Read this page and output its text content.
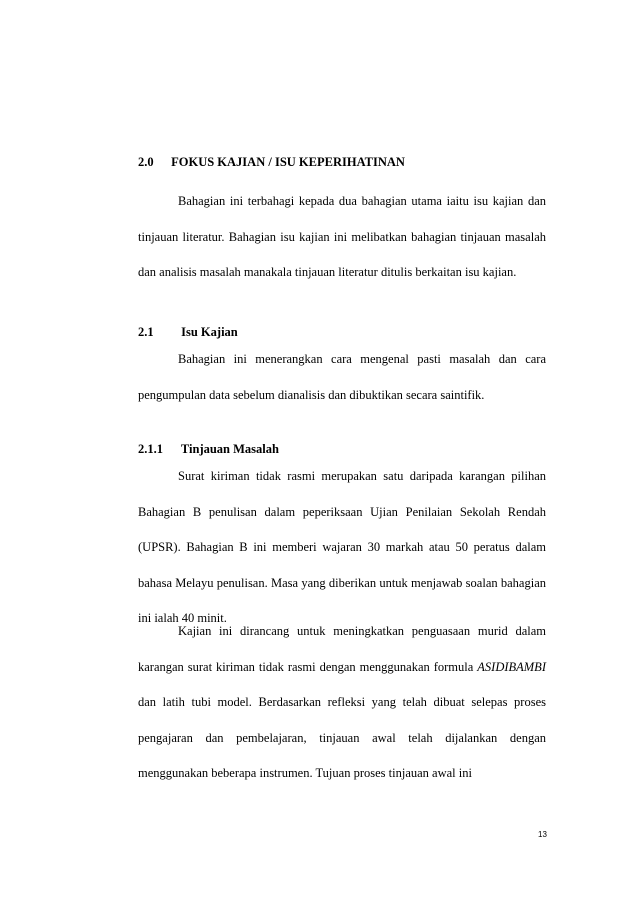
2.0 FOKUS KAJIAN / ISU KEPERIHATINAN

Bahagian ini terbahagi kepada dua bahagian utama iaitu isu kajian dan tinjauan literatur. Bahagian isu kajian ini melibatkan bahagian tinjauan masalah dan analisis masalah manakala tinjauan literatur ditulis berkaitan isu kajian.

2.1 Isu Kajian

Bahagian ini menerangkan cara mengenal pasti masalah dan cara pengumpulan data sebelum dianalisis dan dibuktikan secara saintifik.

2.1.1 Tinjauan Masalah

Surat kiriman tidak rasmi merupakan satu daripada karangan pilihan Bahagian B penulisan dalam peperiksaan Ujian Penilaian Sekolah Rendah (UPSR). Bahagian B ini memberi wajaran 30 markah atau 50 peratus dalam bahasa Melayu penulisan. Masa yang diberikan untuk menjawab soalan bahagian ini ialah 40 minit.

Kajian ini dirancang untuk meningkatkan penguasaan murid dalam karangan surat kiriman tidak rasmi dengan menggunakan formula ASIDIBAMBI dan latih tubi model. Berdasarkan refleksi yang telah dibuat selepas proses pengajaran dan pembelajaran, tinjauan awal telah dijalankan dengan menggunakan beberapa instrumen. Tujuan proses tinjauan awal ini

13
